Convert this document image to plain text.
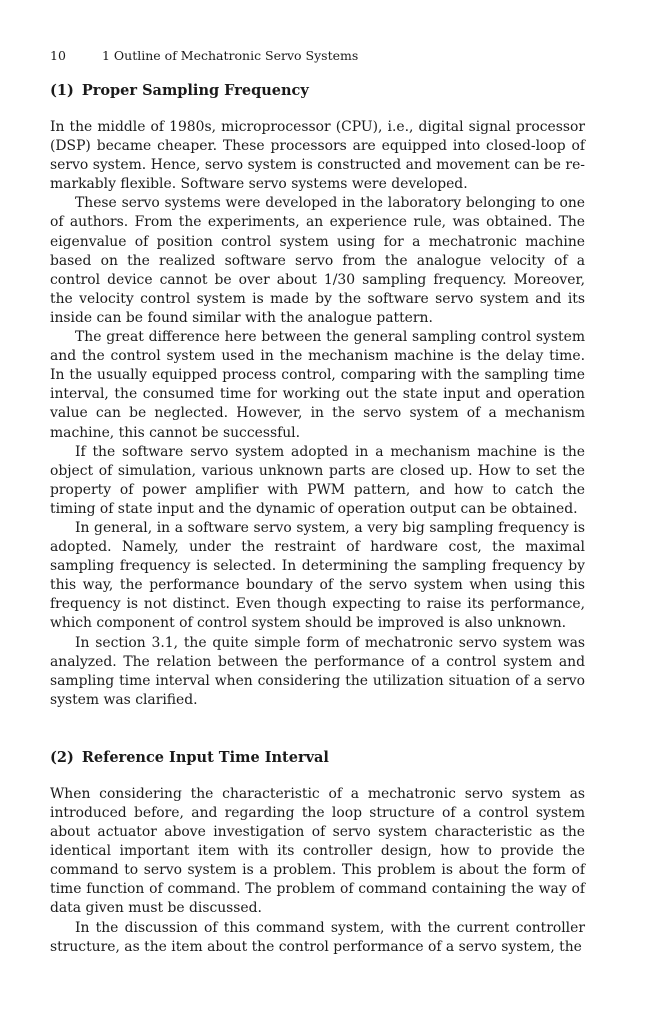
10	1 Outline of Mechatronic Servo Systems
(1) Proper Sampling Frequency

In the middle of 1980s, microprocessor (CPU), i.e., digital signal processor (DSP) became cheaper. These processors are equipped into closed-loop of servo system. Hence, servo system is constructed and movement can be remarkably flexible. Software servo systems were developed.

These servo systems were developed in the laboratory belonging to one of authors. From the experiments, an experience rule, was obtained. The eigenvalue of position control system using for a mechatronic machine based on the realized software servo from the analogue velocity of a control device cannot be over about 1/30 sampling frequency. Moreover, the velocity control system is made by the software servo system and its inside can be found similar with the analogue pattern.

The great difference here between the general sampling control system and the control system used in the mechanism machine is the delay time. In the usually equipped process control, comparing with the sampling time interval, the consumed time for working out the state input and operation value can be neglected. However, in the servo system of a mechanism machine, this cannot be successful.

If the software servo system adopted in a mechanism machine is the object of simulation, various unknown parts are closed up. How to set the property of power amplifier with PWM pattern, and how to catch the timing of state input and the dynamic of operation output can be obtained.

In general, in a software servo system, a very big sampling frequency is adopted. Namely, under the restraint of hardware cost, the maximal sampling frequency is selected. In determining the sampling frequency by this way, the performance boundary of the servo system when using this frequency is not distinct. Even though expecting to raise its performance, which component of control system should be improved is also unknown.

In section 3.1, the quite simple form of mechatronic servo system was analyzed. The relation between the performance of a control system and sampling time interval when considering the utilization situation of a servo system was clarified.

(2) Reference Input Time Interval

When considering the characteristic of a mechatronic servo system as introduced before, and regarding the loop structure of a control system about actuator above investigation of servo system characteristic as the identical important item with its controller design, how to provide the command to servo system is a problem. This problem is about the form of time function of command. The problem of command containing the way of data given must be discussed.

In the discussion of this command system, with the current controller structure, as the item about the control performance of a servo system, the
